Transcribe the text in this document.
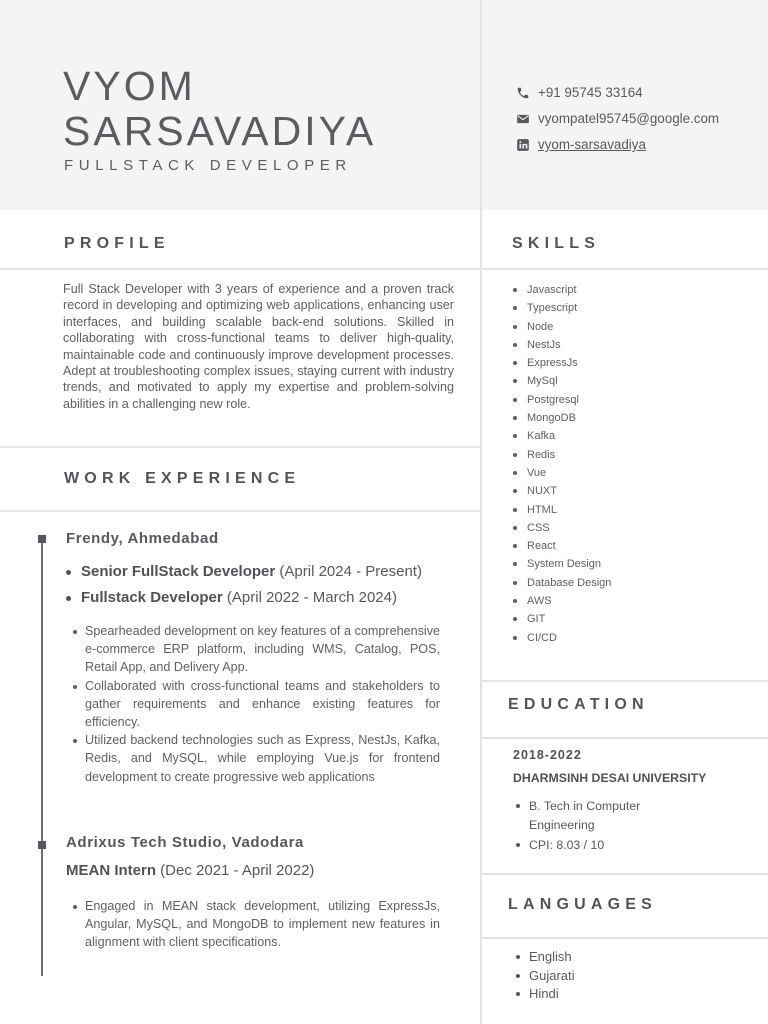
VYOM
SARSAVADIYA
FULLSTACK DEVELOPER
+91 95745 33164
vyompatel95745@google.com
vyom-sarsavadiya
PROFILE
WORK EXPERIENCE
SKILLS
EDUCATION
LANGUAGES
Full Stack Developer with 3 years of experience and a proven track record in developing and optimizing web applications, enhancing user interfaces, and building scalable back-end solutions. Skilled in collaborating with cross-functional teams to deliver high-quality, maintainable code and continuously improve development processes. Adept at troubleshooting complex issues, staying current with industry trends, and motivated to apply my expertise and problem-solving abilities in a challenging new role.
Javascript
Typescript
Node
NestJs
ExpressJs
MySql
Postgresql
MongoDB
Kafka
Redis
Vue
NUXT
HTML
CSS
React
System Design
Database Design
AWS
GIT
CI/CD
Frendy, Ahmedabad
Senior FullStack Developer (April 2024 - Present)
Fullstack Developer (April 2022 - March 2024)
Spearheaded development on key features of a comprehensive e-commerce ERP platform, including WMS, Catalog, POS, Retail App, and Delivery App.
Collaborated with cross-functional teams and stakeholders to gather requirements and enhance existing features for efficiency.
Utilized backend technologies such as Express, NestJs, Kafka, Redis, and MySQL, while employing Vue.js for frontend development to create progressive web applications
Adrixus Tech Studio, Vadodara
MEAN Intern (Dec 2021 - April 2022)
Engaged in MEAN stack development, utilizing ExpressJs, Angular, MySQL, and MongoDB to implement new features in alignment with client specifications.
2018-2022
DHARMSINH DESAI UNIVERSITY
B. Tech in Computer Engineering
CPI: 8.03 / 10
English
Gujarati
Hindi
